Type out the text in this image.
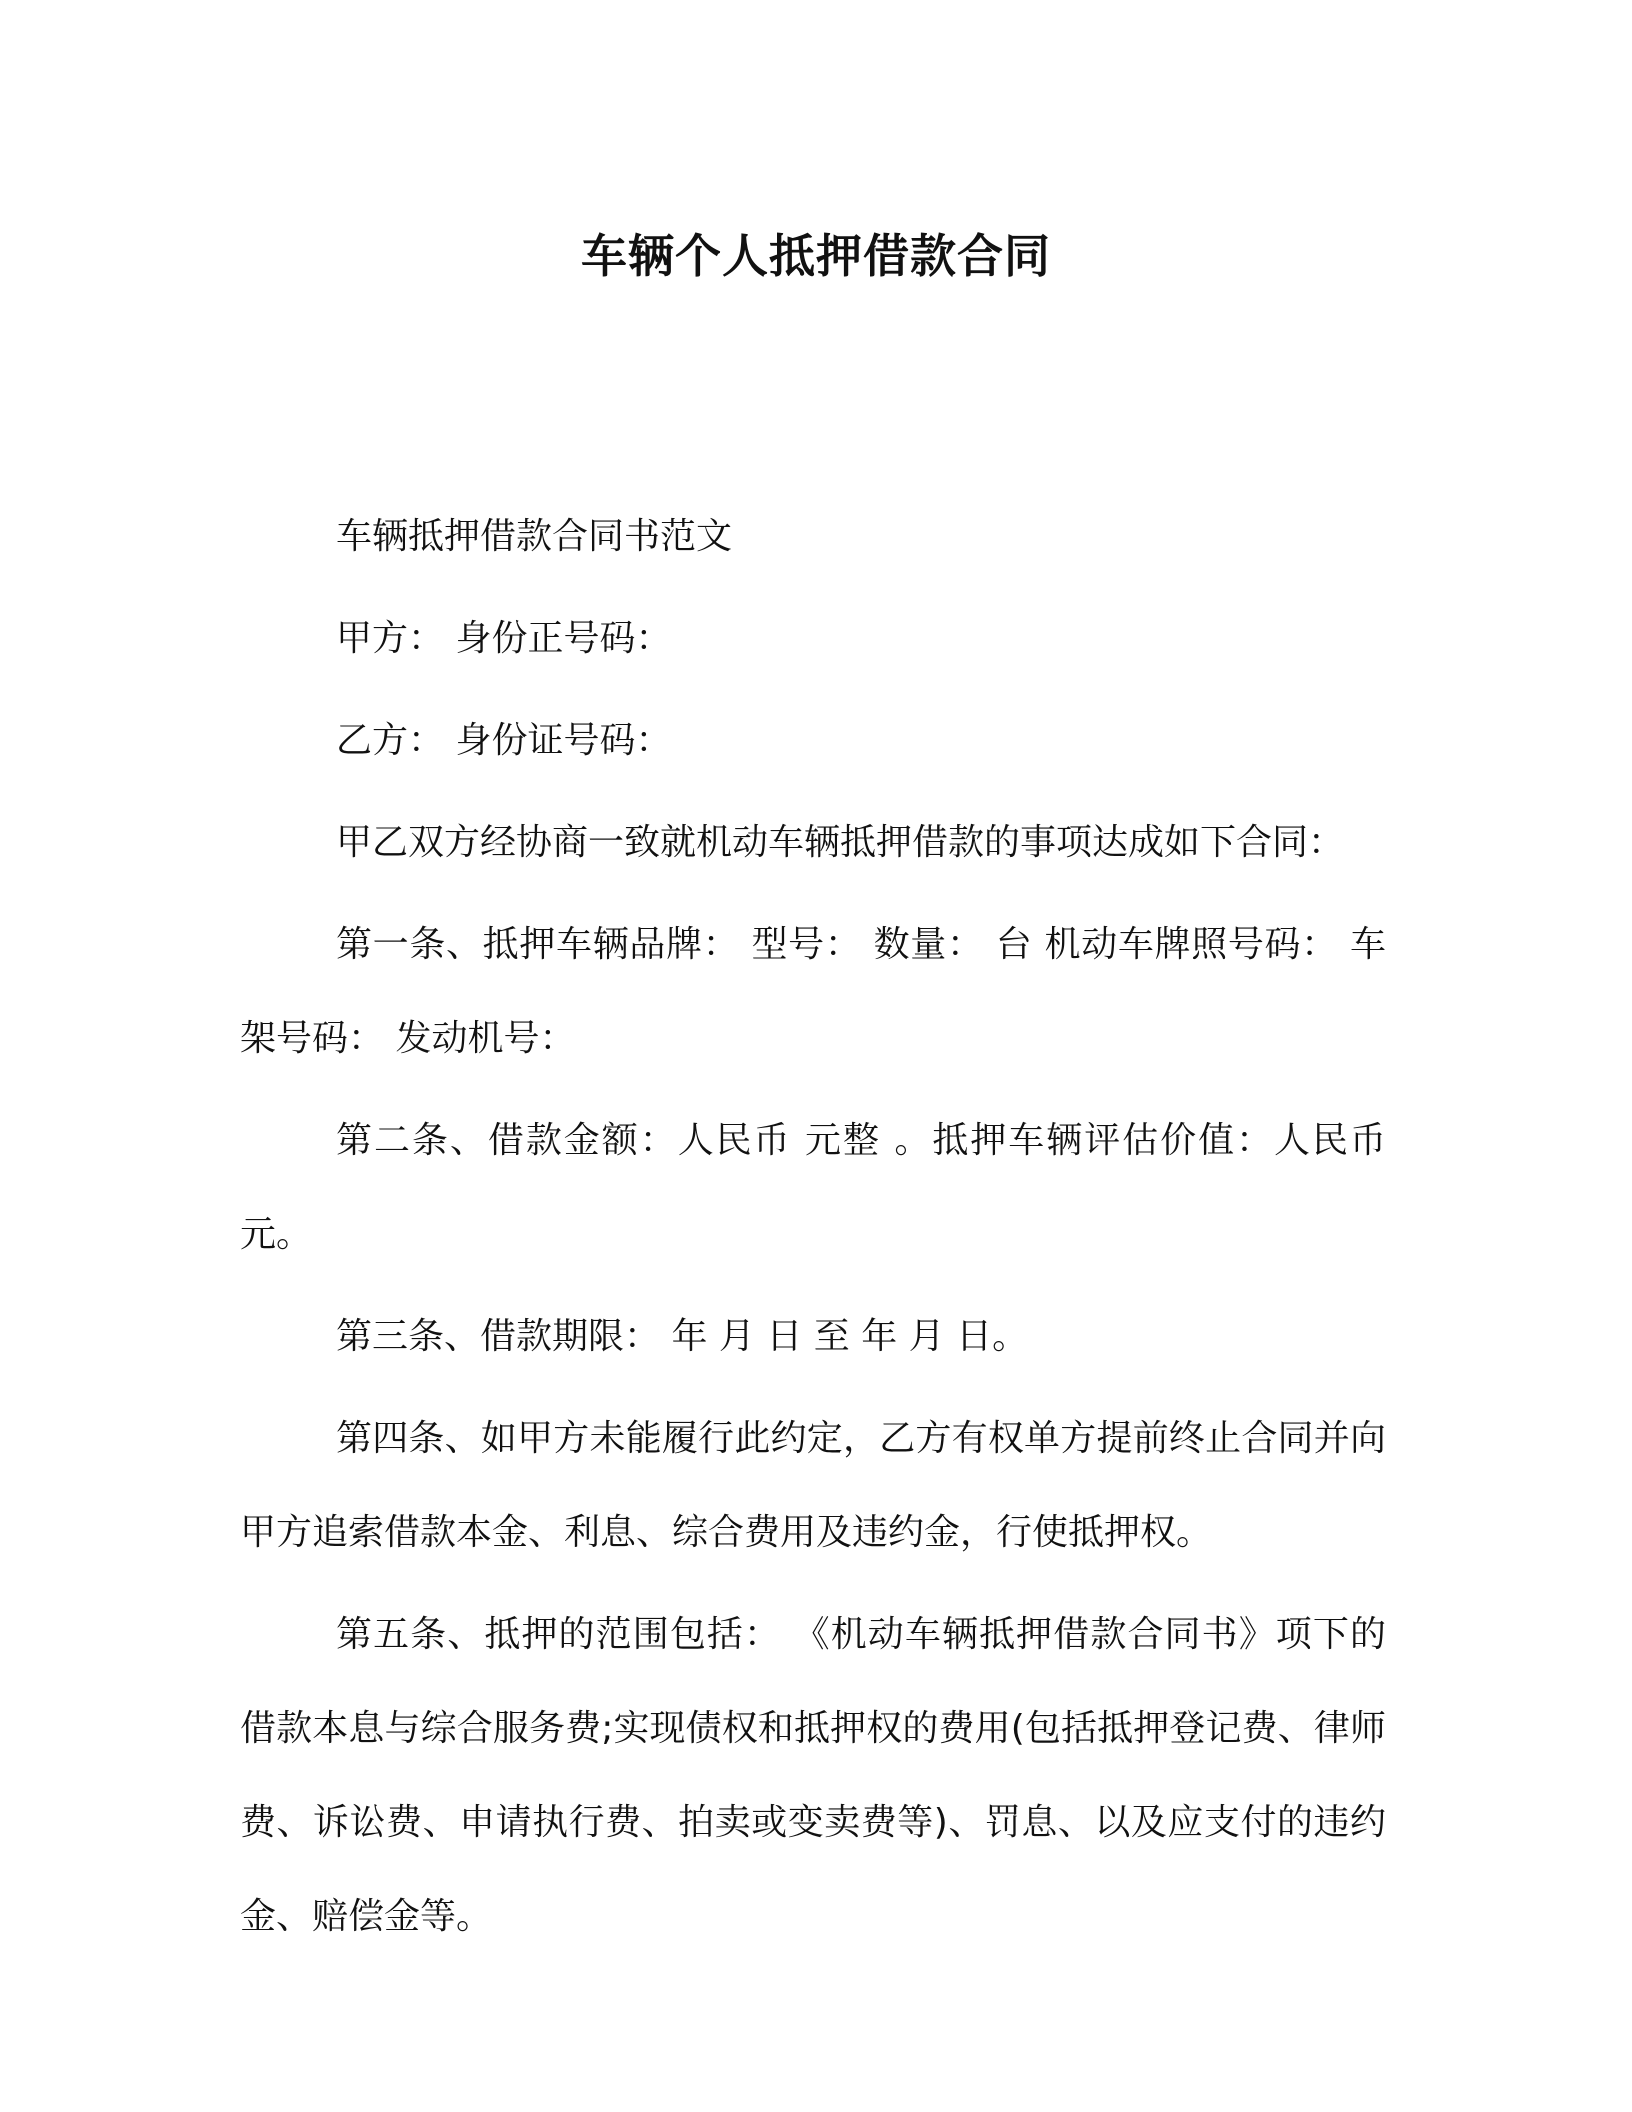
车辆个人抵押借款合同

车辆抵押借款合同书范文

甲方： 身份正号码：

乙方： 身份证号码：

甲乙双方经协商一致就机动车辆抵押借款的事项达成如下合同：

第一条、抵押车辆品牌： 型号： 数量： 台 机动车牌照号码： 车架号码： 发动机号：

第二条、借款金额：人民币 元整 。抵押车辆评估价值：人民币 元。

第三条、借款期限： 年 月 日 至 年 月 日。

第四条、如甲方未能履行此约定，乙方有权单方提前终止合同并向甲方追索借款本金、利息、综合费用及违约金，行使抵押权。

第五条、抵押的范围包括： 《机动车辆抵押借款合同书》项下的借款本息与综合服务费;实现债权和抵押权的费用(包括抵押登记费、律师费、诉讼费、申请执行费、拍卖或变卖费等)、罚息、以及应支付的违约金、赔偿金等。
